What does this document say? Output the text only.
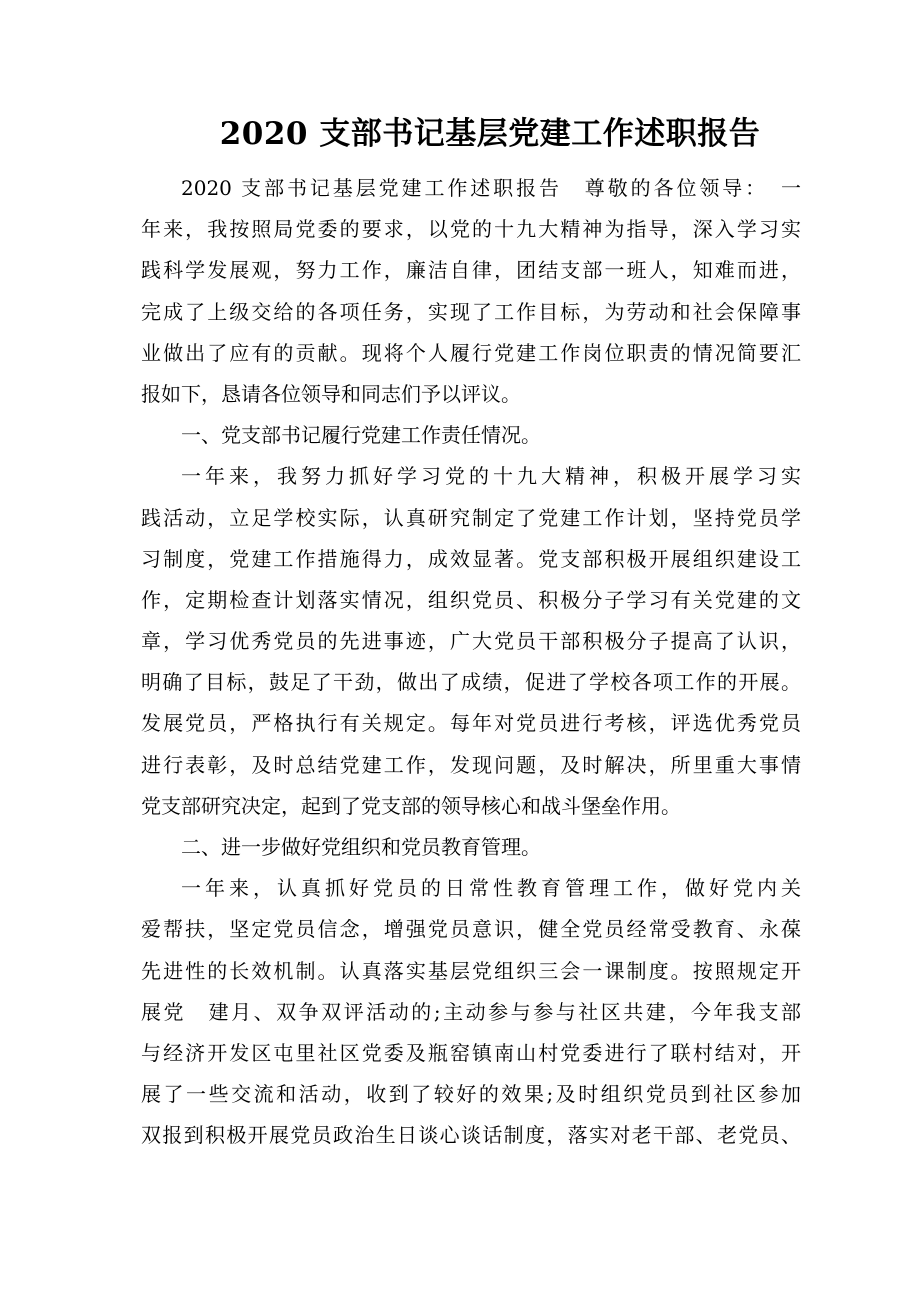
2020 支部书记基层党建工作述职报告
2020 支部书记基层党建工作述职报告　尊敬的各位领导：　一
年来，我按照局党委的要求，以党的十九大精神为指导，深入学习实
践科学发展观，努力工作，廉洁自律，团结支部一班人，知难而进，
完成了上级交给的各项任务，实现了工作目标，为劳动和社会保障事
业做出了应有的贡献。现将个人履行党建工作岗位职责的情况简要汇
报如下，恳请各位领导和同志们予以评议。
一、党支部书记履行党建工作责任情况。
一年来，我努力抓好学习党的十九大精神，积极开展学习实
践活动，立足学校实际，认真研究制定了党建工作计划，坚持党员学
习制度，党建工作措施得力，成效显著。党支部积极开展组织建设工
作，定期检查计划落实情况，组织党员、积极分子学习有关党建的文
章，学习优秀党员的先进事迹，广大党员干部积极分子提高了认识，
明确了目标，鼓足了干劲，做出了成绩，促进了学校各项工作的开展。
发展党员，严格执行有关规定。每年对党员进行考核，评选优秀党员
进行表彰，及时总结党建工作，发现问题，及时解决，所里重大事情
党支部研究决定，起到了党支部的领导核心和战斗堡垒作用。
二、进一步做好党组织和党员教育管理。
一年来，认真抓好党员的日常性教育管理工作，做好党内关
爱帮扶，坚定党员信念，增强党员意识，健全党员经常受教育、永葆
先进性的长效机制。认真落实基层党组织三会一课制度。按照规定开
展党　建月、双争双评活动的;主动参与参与社区共建，今年我支部
与经济开发区屯里社区党委及瓶窑镇南山村党委进行了联村结对，开
展了一些交流和活动，收到了较好的效果;及时组织党员到社区参加
双报到积极开展党员政治生日谈心谈话制度，落实对老干部、老党员、
